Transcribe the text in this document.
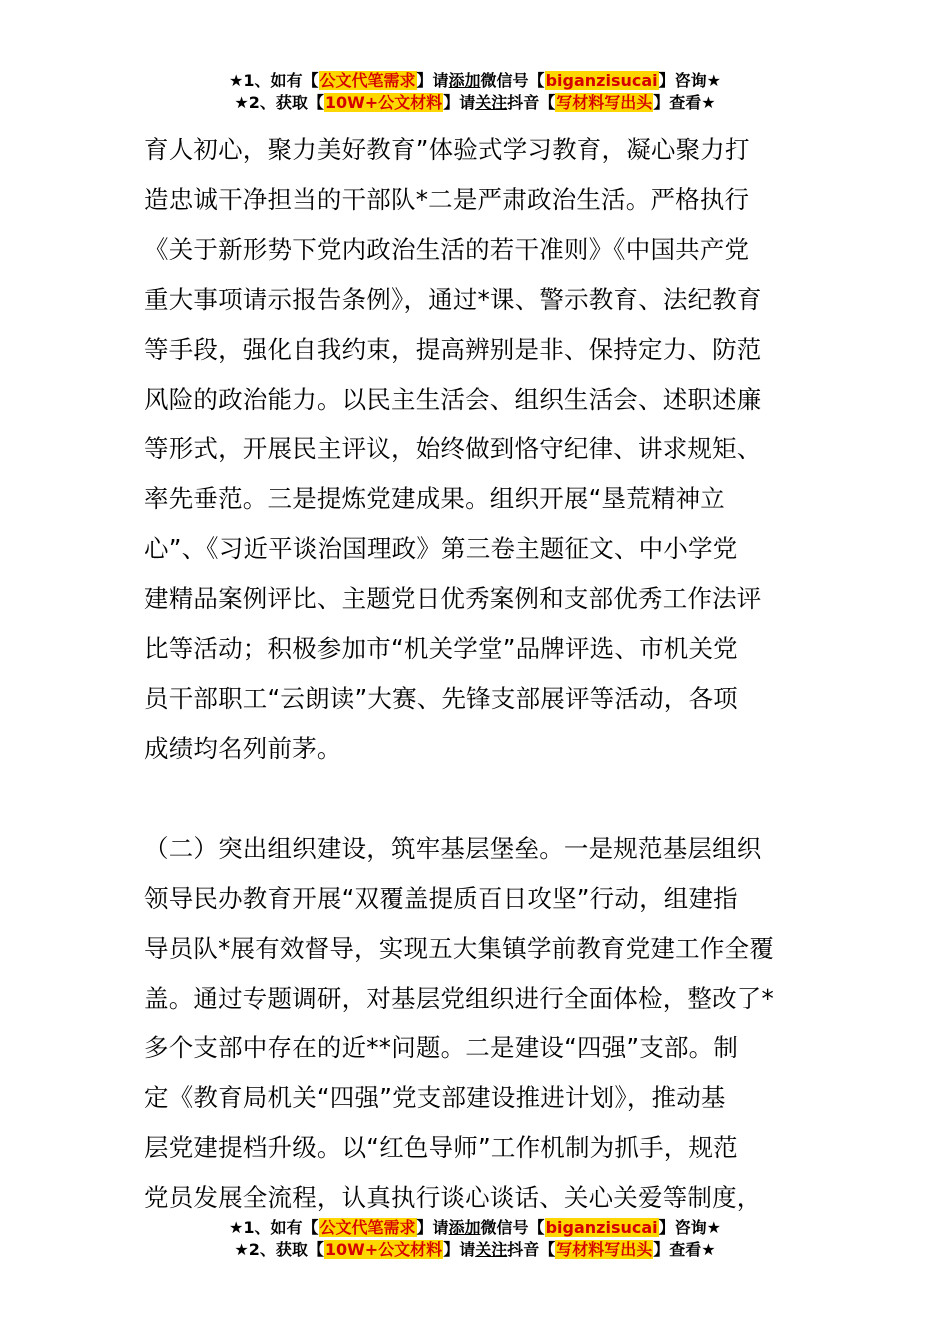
★1、如有【公文代笔需求】请添加微信号【biganzisucai】咨询★
★2、获取【10W+公文材料】请关注抖音【写材料写出头】查看★

育人初心，聚力美好教育”体验式学习教育，凝心聚力打
造忠诚干净担当的干部队*二是严肃政治生活。严格执行
《关于新形势下党内政治生活的若干准则》《中国共产党
重大事项请示报告条例》，通过*课、警示教育、法纪教育
等手段，强化自我约束，提高辨别是非、保持定力、防范
风险的政治能力。以民主生活会、组织生活会、述职述廉
等形式，开展民主评议，始终做到恪守纪律、讲求规矩、
率先垂范。三是提炼党建成果。组织开展“垦荒精神立
心”、《习近平谈治国理政》第三卷主题征文、中小学党
建精品案例评比、主题党日优秀案例和支部优秀工作法评
比等活动；积极参加市“机关学堂”品牌评选、市机关党
员干部职工“云朗读”大赛、先锋支部展评等活动，各项
成绩均名列前茅。

（二）突出组织建设，筑牢基层堡垒。一是规范基层组织
领导民办教育开展“双覆盖提质百日攻坚”行动，组建指
导员队*展有效督导，实现五大集镇学前教育党建工作全覆
盖。通过专题调研，对基层党组织进行全面体检，整改了*
多个支部中存在的近**问题。二是建设“四强”支部。制
定《教育局机关“四强”党支部建设推进计划》，推动基
层党建提档升级。以“红色导师”工作机制为抓手，规范
党员发展全流程，认真执行谈心谈话、关心关爱等制度，

★1、如有【公文代笔需求】请添加微信号【biganzisucai】咨询★
★2、获取【10W+公文材料】请关注抖音【写材料写出头】查看★
